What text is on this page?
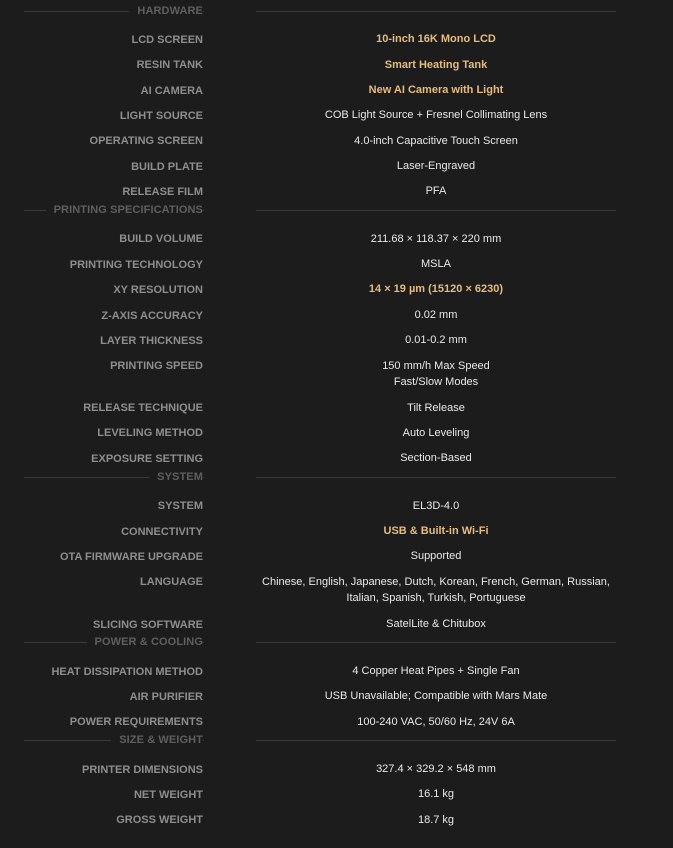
HARDWARE
LCD SCREEN	10-inch 16K Mono LCD
RESIN TANK	Smart Heating Tank
AI CAMERA	New AI Camera with Light
LIGHT SOURCE	COB Light Source + Fresnel Collimating Lens
OPERATING SCREEN	4.0-inch Capacitive Touch Screen
BUILD PLATE	Laser-Engraved
RELEASE FILM	PFA
PRINTING SPECIFICATIONS
BUILD VOLUME	211.68 × 118.37 × 220 mm
PRINTING TECHNOLOGY	MSLA
XY RESOLUTION	14 × 19 µm (15120 × 6230)
Z-AXIS ACCURACY	0.02 mm
LAYER THICKNESS	0.01-0.2 mm
PRINTING SPEED	150 mm/h Max Speed
Fast/Slow Modes
RELEASE TECHNIQUE	Tilt Release
LEVELING METHOD	Auto Leveling
EXPOSURE SETTING	Section-Based
SYSTEM
SYSTEM	EL3D-4.0
CONNECTIVITY	USB & Built-in Wi-Fi
OTA FIRMWARE UPGRADE	Supported
LANGUAGE	Chinese, English, Japanese, Dutch, Korean, French, German, Russian,
Italian, Spanish, Turkish, Portuguese
SLICING SOFTWARE	SatelLite & Chitubox
POWER & COOLING
HEAT DISSIPATION METHOD	4 Copper Heat Pipes + Single Fan
AIR PURIFIER	USB Unavailable; Compatible with Mars Mate
POWER REQUIREMENTS	100-240 VAC, 50/60 Hz, 24V 6A
SIZE & WEIGHT
PRINTER DIMENSIONS	327.4 × 329.2 × 548 mm
NET WEIGHT	16.1 kg
GROSS WEIGHT	18.7 kg
